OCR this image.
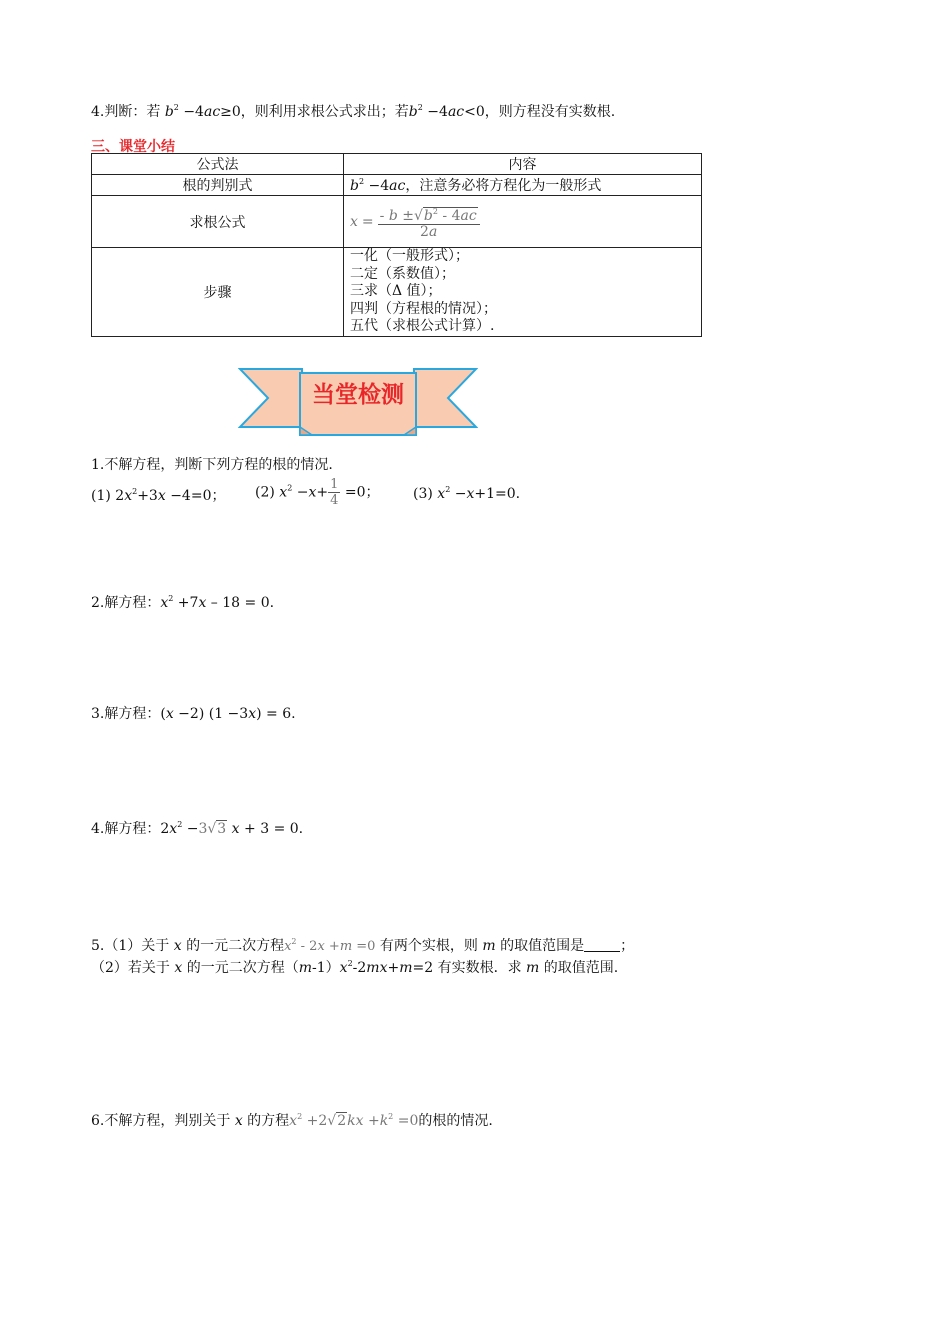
4.判断：若 $b^2 -4ac\ge 0$，则利用求根公式求出；若$b^2 -4ac<0$，则方程没有实数根.
三、课堂小结
公式法	内容
根的判别式	$b^2 -4ac$，注意务必将方程化为一般形式
求根公式	$x = \frac{- b \pm√b^2 - 4ac}{2a}$

步骤	一化（一般形式）；
二定（系数值）；
三求（Δ 值）；
四判（方程根的情况）；
五代（求根公式计算）.
当堂检测
1.不解方程，判断下列方程的根的情况.
(1) $2x^2+3x -4=0$； (2) $x^2 -x+ \frac{1}{4} =0$； (3) $x^2 -x+1=0$.
2.解方程：$x^2 +7x - 18 = 0$.
3.解方程：(x −2) (1 −3x) = 6.
4.解方程：$2x^2 -3√3$ x + 3 = 0.
5.（1）关于 x 的一元二次方程$x^2 - 2x +m =0$ 有两个实根，则 m 的取值范围是	；
（2）若关于 x 的一元二次方程$(m-1)x^2-2mx+m=2$ 有实数根．求 m 的取值范围.
6.不解方程，判别关于 x 的方程$x^2 +2√2kx +k^2 =0$的根的情况.
